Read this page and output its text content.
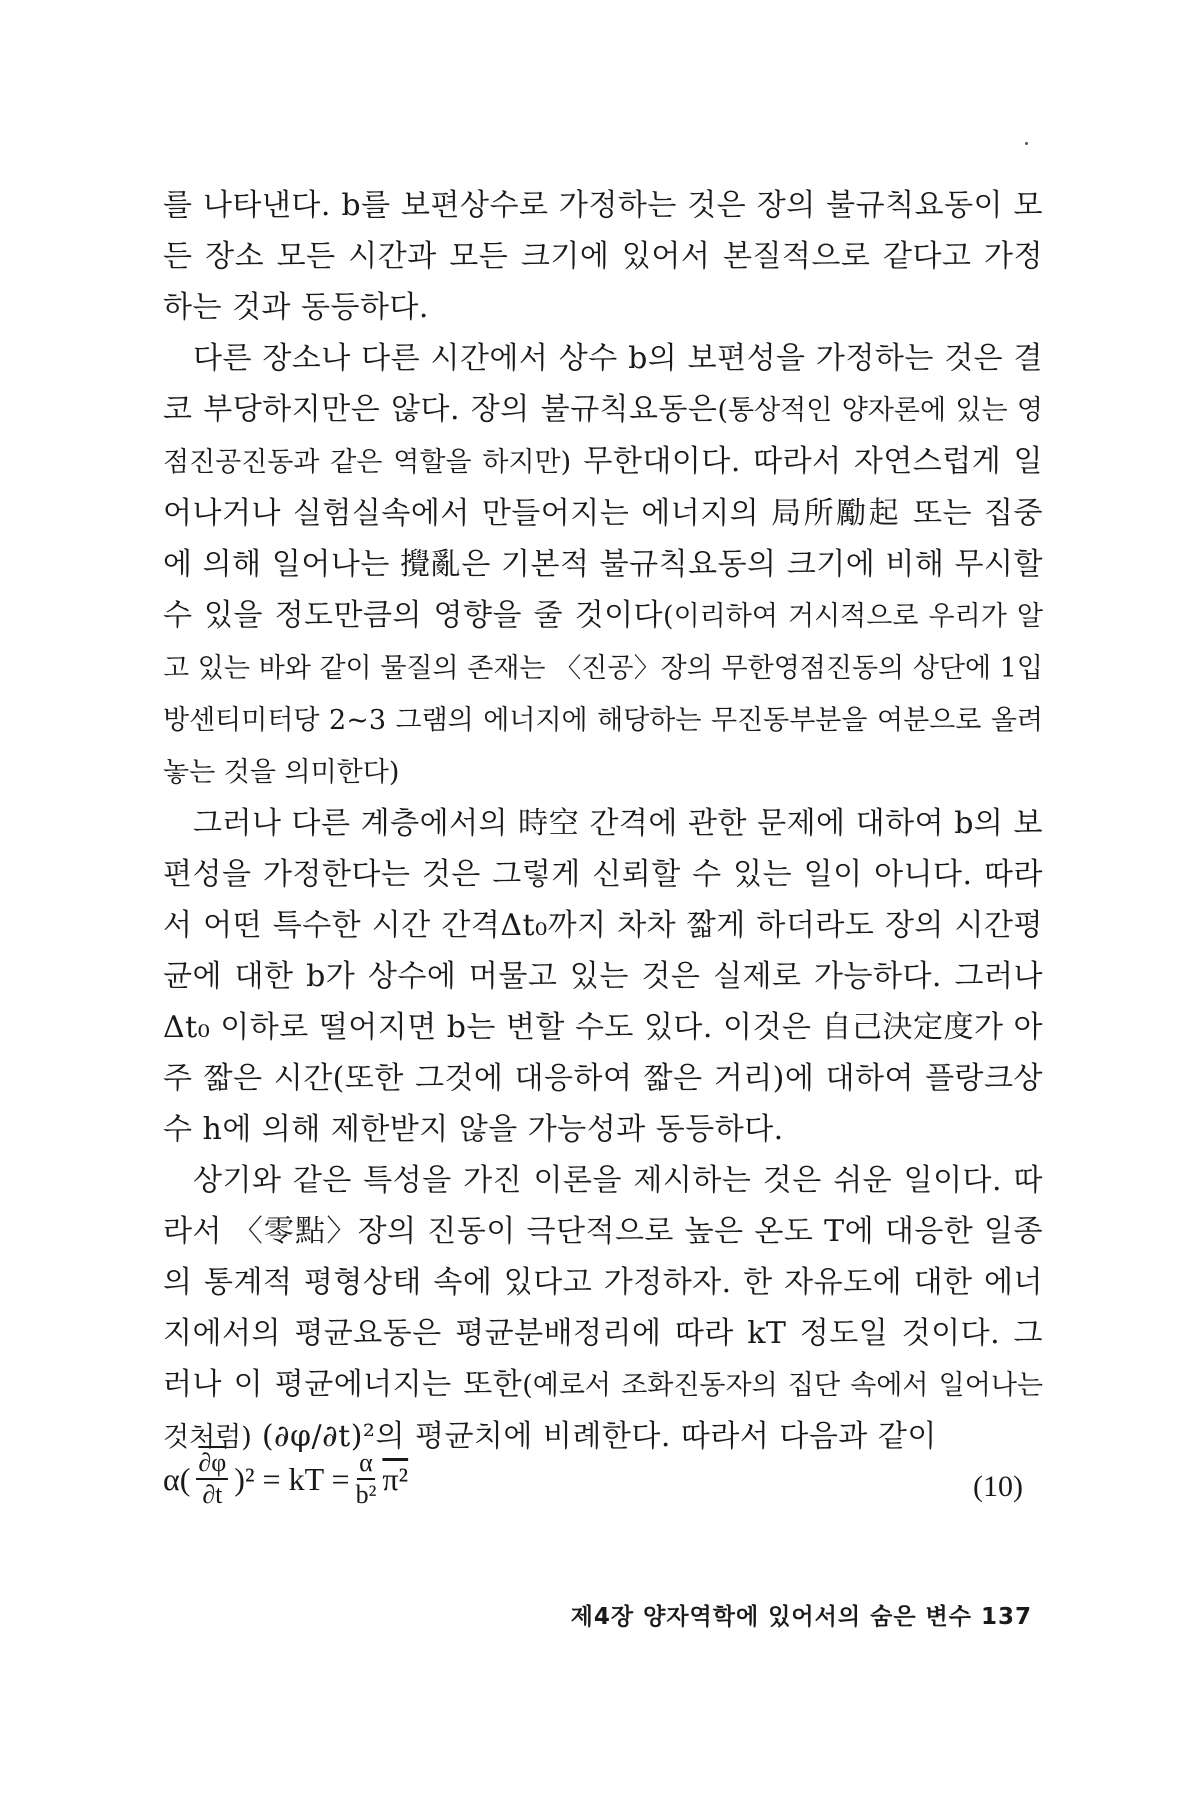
를 나타낸다. b를 보편상수로 가정하는 것은 장의 불규칙요동이 모든 장소 모든 시간과 모든 크기에 있어서 본질적으로 같다고 가정하는 것과 동등하다.

다른 장소나 다른 시간에서 상수 b의 보편성을 가정하는 것은 결코 부당하지만은 않다. 장의 불규칙요동은(통상적인 양자론에 있는 영점진공진동과 같은 역할을 하지만) 무한대이다. 따라서 자연스럽게 일어나거나 실험실속에서 만들어지는 에너지의 局所勵起 또는 집중에 의해 일어나는 攪亂은 기본적 불규칙요동의 크기에 비해 무시할 수 있을 정도만큼의 영향을 줄 것이다(이리하여 거시적으로 우리가 알고 있는 바와 같이 물질의 존재는 〈진공〉장의 무한영점진동의 상단에 1입방센티미터당 2~3 그램의 에너지에 해당하는 무진동부분을 여분으로 올려 놓는 것을 의미한다)

그러나 다른 계층에서의 時空 간격에 관한 문제에 대하여 b의 보편성을 가정한다는 것은 그렇게 신뢰할 수 있는 일이 아니다. 따라서 어떤 특수한 시간 간격Δt₀까지 차차 짧게 하더라도 장의 시간평균에 대한 b가 상수에 머물고 있는 것은 실제로 가능하다. 그러나 Δt₀ 이하로 떨어지면 b는 변할 수도 있다. 이것은 自己決定度가 아주 짧은 시간(또한 그것에 대응하여 짧은 거리)에 대하여 플랑크상수 h에 의해 제한받지 않을 가능성과 동등하다.

상기와 같은 특성을 가진 이론을 제시하는 것은 쉬운 일이다. 따라서 〈零點〉장의 진동이 극단적으로 높은 온도 T에 대응한 일종의 통계적 평형상태 속에 있다고 가정하자. 한 자유도에 대한 에너지에서의 평균요동은 평균분배정리에 따라 kT 정도일 것이다. 그러나 이 평균에너지는 또한(예로서 조화진동자의 집단 속에서 일어나는 것처럼) (∂φ/∂t)²의 평균치에 비례한다. 따라서 다음과 같이

$\alpha( \frac{\partial\varphi}{\partial t} )^2$ = kT = $\frac{\alpha}{\text{b²}} \pi^2$	(10)
제4장 양자역학에 있어서의 숨은 변수 137
